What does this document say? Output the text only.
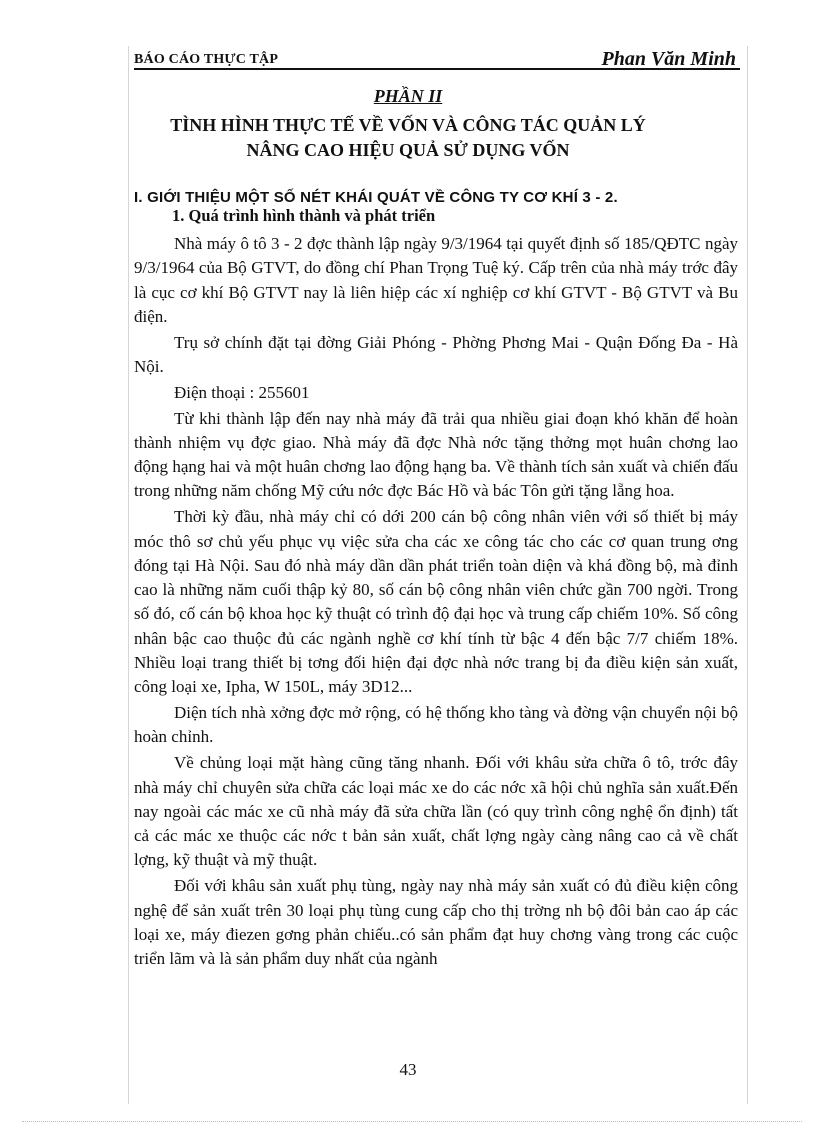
BÁO CÁO THỰC TẬP	Phan Văn Minh
PHẦN II
TÌNH HÌNH THỰC TẾ VỀ VỐN VÀ CÔNG TÁC QUẢN LÝ
NÂNG CAO HIỆU QUẢ SỬ DỤNG VỐN
I. GIỚI THIỆU MỘT SỐ NÉT KHÁI QUÁT VỀ CÔNG TY CƠ KHÍ 3 - 2.
1. Quá trình hình thành và phát triển

Nhà máy ô tô 3 - 2 đợc thành lập ngày 9/3/1964 tại quyết định số 185/QĐTC ngày 9/3/1964 của Bộ GTVT, do đồng chí Phan Trọng Tuệ ký. Cấp trên của nhà máy trớc đây là cục cơ khí Bộ GTVT nay là liên hiệp các xí nghiệp cơ khí GTVT - Bộ GTVT và Bu điện.

Trụ sở chính đặt tại đờng Giải Phóng - Phờng Phơng Mai - Quận Đống Đa - Hà Nội.

Điện thoại : 255601

Từ khi thành lập đến nay nhà máy đã trải qua nhiều giai đoạn khó khăn để hoàn thành nhiệm vụ đợc giao. Nhà máy đã đợc Nhà nớc tặng thởng mọt huân chơng lao động hạng hai và một huân chơng lao động hạng ba. Về thành tích sản xuất và chiến đấu trong những năm chống Mỹ cứu nớc đợc Bác Hồ và bác Tôn gửi tặng lẵng hoa.

Thời kỳ đầu, nhà máy chỉ có dới 200 cán bộ công nhân viên với số thiết bị máy móc thô sơ chủ yếu phục vụ việc sửa cha các xe công tác cho các cơ quan trung ơng đóng tại Hà Nội. Sau đó nhà máy dần dần phát triển toàn diện và khá đồng bộ, mà đỉnh cao là những năm cuối thập kỷ 80, số cán bộ công nhân viên chức gần 700 ngời. Trong số đó, cố cán bộ khoa học kỹ thuật có trình độ đại học và trung cấp chiếm 10%. Số công nhân bậc cao thuộc đủ các ngành nghề cơ khí tính từ bậc 4 đến bậc 7/7 chiếm 18%. Nhiều loại trang thiết bị tơng đối hiện đại đợc nhà nớc trang bị đa điều kiện sản xuất, công loại xe, Ipha, W 150L, máy 3D12...

Diện tích nhà xởng đợc mở rộng, có hệ thống kho tàng và đờng vận chuyển nội bộ hoàn chỉnh.

Về chủng loại mặt hàng cũng tăng nhanh. Đối với khâu sửa chữa ô tô, trớc đây nhà máy chỉ chuyên sửa chữa các loại mác xe do các nớc xã hội chủ nghĩa sản xuất.Đến nay ngoài các mác xe cũ nhà máy đã sửa chữa lần (có quy trình công nghệ ổn định) tất cả các mác xe thuộc các nớc t bản sản xuất, chất lợng ngày càng nâng cao cả về chất lợng, kỹ thuật và mỹ thuật.

Đối với khâu sản xuất phụ tùng, ngày nay nhà máy sản xuất có đủ điều kiện công nghệ để sản xuất trên 30 loại phụ tùng cung cấp cho thị trờng nh bộ đôi bản cao áp các loại xe, máy điezen gơng phản chiếu..có sản phẩm đạt huy chơng vàng trong các cuộc triển lãm và là sản phẩm duy nhất của ngành

43
